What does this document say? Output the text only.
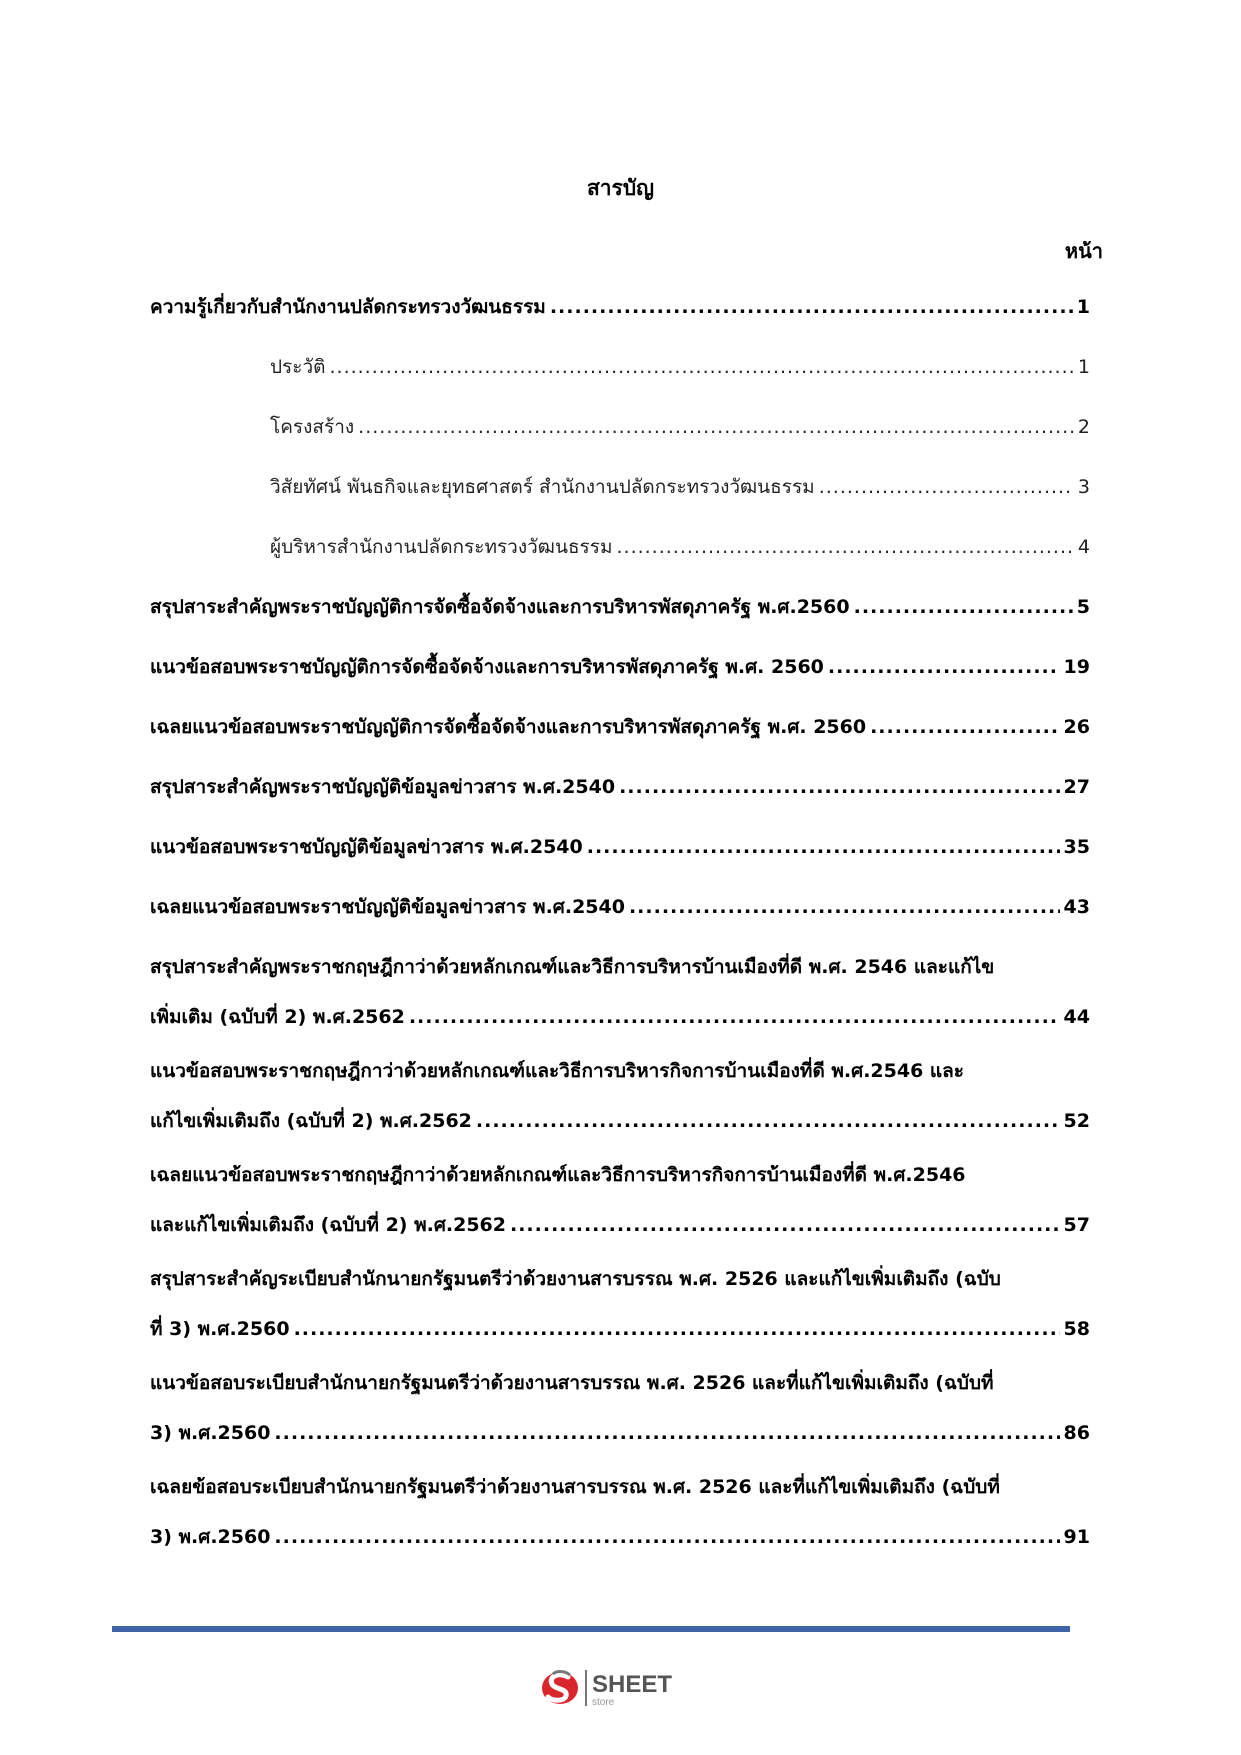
สารบัญ
หน้า
ความรู้เกี่ยวกับสำนักงานปลัดกระทรวงวัฒนธรรม .....	1
ประวัติ .....	1
โครงสร้าง .....	2
วิสัยทัศน์ พันธกิจและยุทธศาสตร์ สำนักงานปลัดกระทรวงวัฒนธรรม .....	3
ผู้บริหารสำนักงานปลัดกระทรวงวัฒนธรรม .....	4
สรุปสาระสำคัญพระราชบัญญัติการจัดซื้อจัดจ้างและการบริหารพัสดุภาครัฐ พ.ศ.2560 .....	5
แนวข้อสอบพระราชบัญญัติการจัดซื้อจัดจ้างและการบริหารพัสดุภาครัฐ พ.ศ. 2560 .....	19
เฉลยแนวข้อสอบพระราชบัญญัติการจัดซื้อจัดจ้างและการบริหารพัสดุภาครัฐ พ.ศ. 2560 .....	26
สรุปสาระสำคัญพระราชบัญญัติข้อมูลข่าวสาร พ.ศ.2540 .....	27
แนวข้อสอบพระราชบัญญัติข้อมูลข่าวสาร พ.ศ.2540 .....	35
เฉลยแนวข้อสอบพระราชบัญญัติข้อมูลข่าวสาร พ.ศ.2540 .....	43
สรุปสาระสำคัญพระราชกฤษฎีกาว่าด้วยหลักเกณฑ์และวิธีการบริหารบ้านเมืองที่ดี พ.ศ. 2546 และแก้ไข
เพิ่มเติม (ฉบับที่ 2) พ.ศ.2562 .....	44
แนวข้อสอบพระราชกฤษฎีกาว่าด้วยหลักเกณฑ์และวิธีการบริหารกิจการบ้านเมืองที่ดี พ.ศ.2546 และ
แก้ไขเพิ่มเติมถึง (ฉบับที่ 2) พ.ศ.2562 .....	52
เฉลยแนวข้อสอบพระราชกฤษฎีกาว่าด้วยหลักเกณฑ์และวิธีการบริหารกิจการบ้านเมืองที่ดี พ.ศ.2546
และแก้ไขเพิ่มเติมถึง (ฉบับที่ 2) พ.ศ.2562 .....	57
สรุปสาระสำคัญระเบียบสำนักนายกรัฐมนตรีว่าด้วยงานสารบรรณ พ.ศ. 2526 และแก้ไขเพิ่มเติมถึง (ฉบับ
ที่ 3) พ.ศ.2560 .....	58
แนวข้อสอบระเบียบสำนักนายกรัฐมนตรีว่าด้วยงานสารบรรณ พ.ศ. 2526 และที่แก้ไขเพิ่มเติมถึง (ฉบับที่
3) พ.ศ.2560 .....	86
เฉลยข้อสอบระเบียบสำนักนายกรัฐมนตรีว่าด้วยงานสารบรรณ พ.ศ. 2526 และที่แก้ไขเพิ่มเติมถึง (ฉบับที่
3) พ.ศ.2560 .....	91
SHEET
store
